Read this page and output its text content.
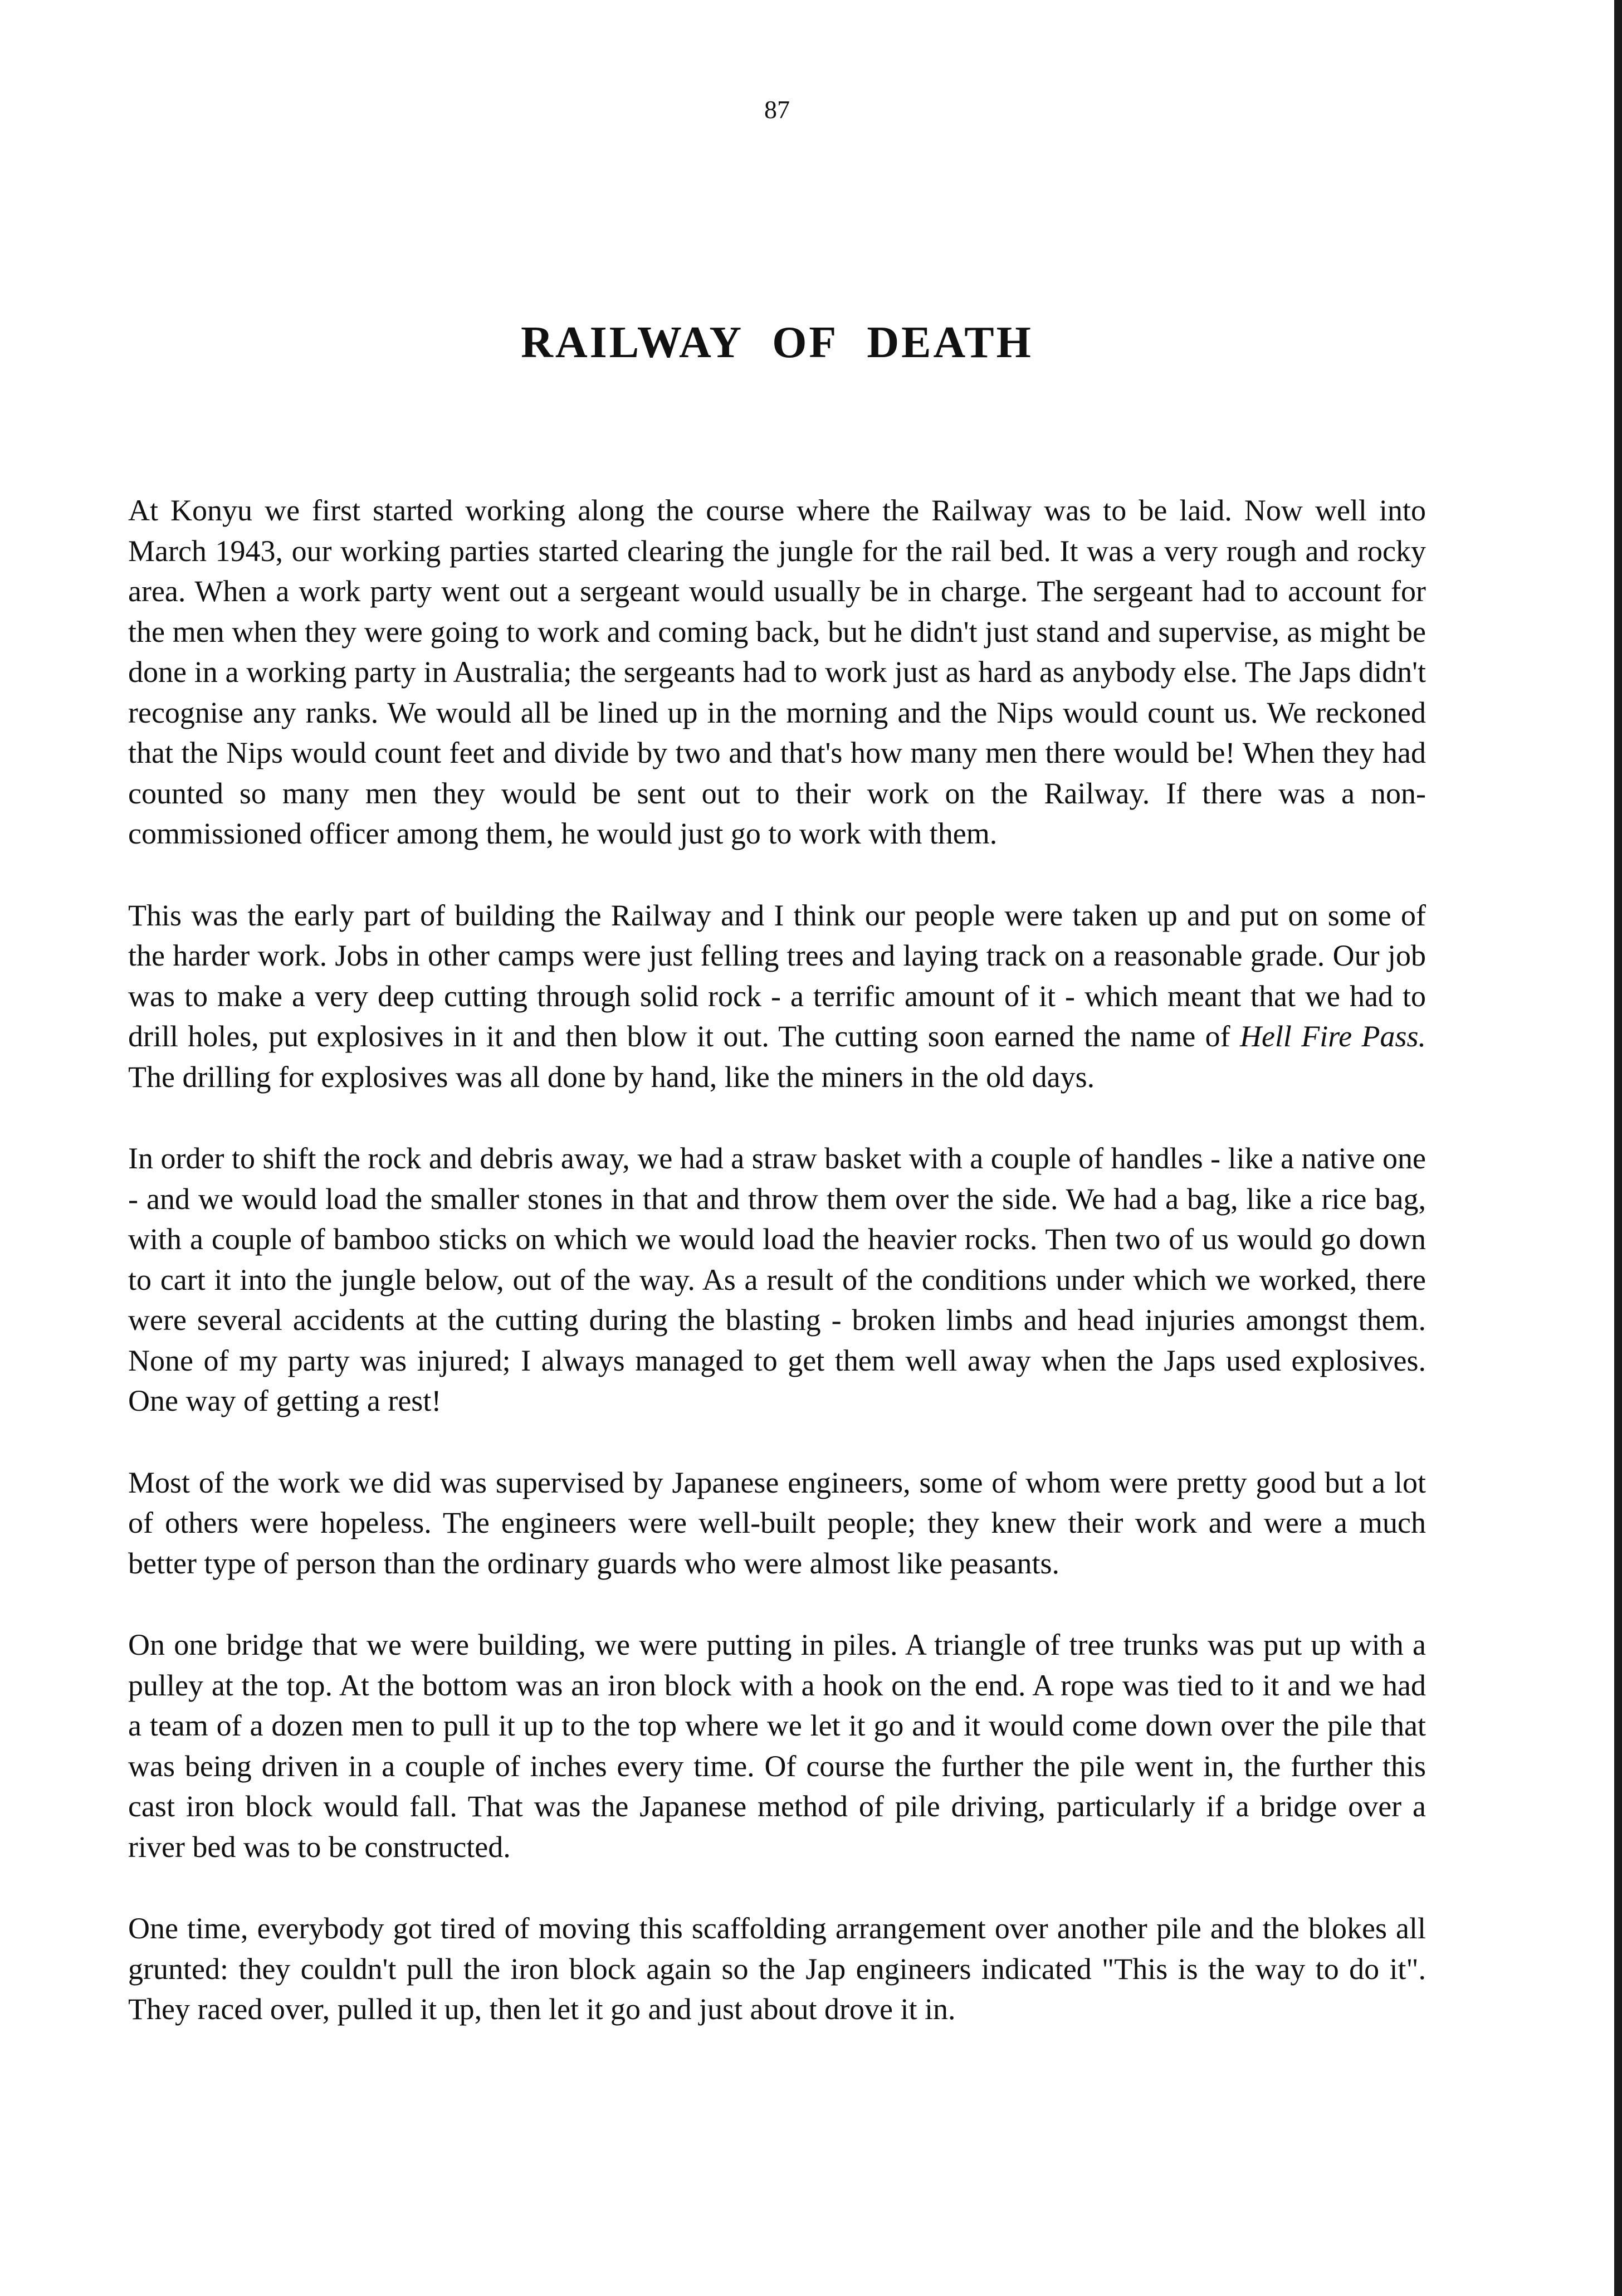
87
RAILWAY OF DEATH

At Konyu we first started working along the course where the Railway was to be laid. Now well into March 1943, our working parties started clearing the jungle for the rail bed. It was a very rough and rocky area. When a work party went out a sergeant would usually be in charge. The sergeant had to account for the men when they were going to work and coming back, but he didn't just stand and supervise, as might be done in a working party in Australia; the sergeants had to work just as hard as anybody else. The Japs didn't recognise any ranks. We would all be lined up in the morning and the Nips would count us. We reckoned that the Nips would count feet and divide by two and that's how many men there would be! When they had counted so many men they would be sent out to their work on the Railway. If there was a non-commissioned officer among them, he would just go to work with them.

This was the early part of building the Railway and I think our people were taken up and put on some of the harder work. Jobs in other camps were just felling trees and laying track on a reasonable grade. Our job was to make a very deep cutting through solid rock - a terrific amount of it - which meant that we had to drill holes, put explosives in it and then blow it out. The cutting soon earned the name of Hell Fire Pass. The drilling for explosives was all done by hand, like the miners in the old days.

In order to shift the rock and debris away, we had a straw basket with a couple of handles - like a native one - and we would load the smaller stones in that and throw them over the side. We had a bag, like a rice bag, with a couple of bamboo sticks on which we would load the heavier rocks. Then two of us would go down to cart it into the jungle below, out of the way. As a result of the conditions under which we worked, there were several accidents at the cutting during the blasting - broken limbs and head injuries amongst them. None of my party was injured; I always managed to get them well away when the Japs used explosives. One way of getting a rest!

Most of the work we did was supervised by Japanese engineers, some of whom were pretty good but a lot of others were hopeless. The engineers were well-built people; they knew their work and were a much better type of person than the ordinary guards who were almost like peasants.

On one bridge that we were building, we were putting in piles. A triangle of tree trunks was put up with a pulley at the top. At the bottom was an iron block with a hook on the end. A rope was tied to it and we had a team of a dozen men to pull it up to the top where we let it go and it would come down over the pile that was being driven in a couple of inches every time. Of course the further the pile went in, the further this cast iron block would fall. That was the Japanese method of pile driving, particularly if a bridge over a river bed was to be constructed.

One time, everybody got tired of moving this scaffolding arrangement over another pile and the blokes all grunted: they couldn't pull the iron block again so the Jap engineers indicated "This is the way to do it". They raced over, pulled it up, then let it go and just about drove it in.
